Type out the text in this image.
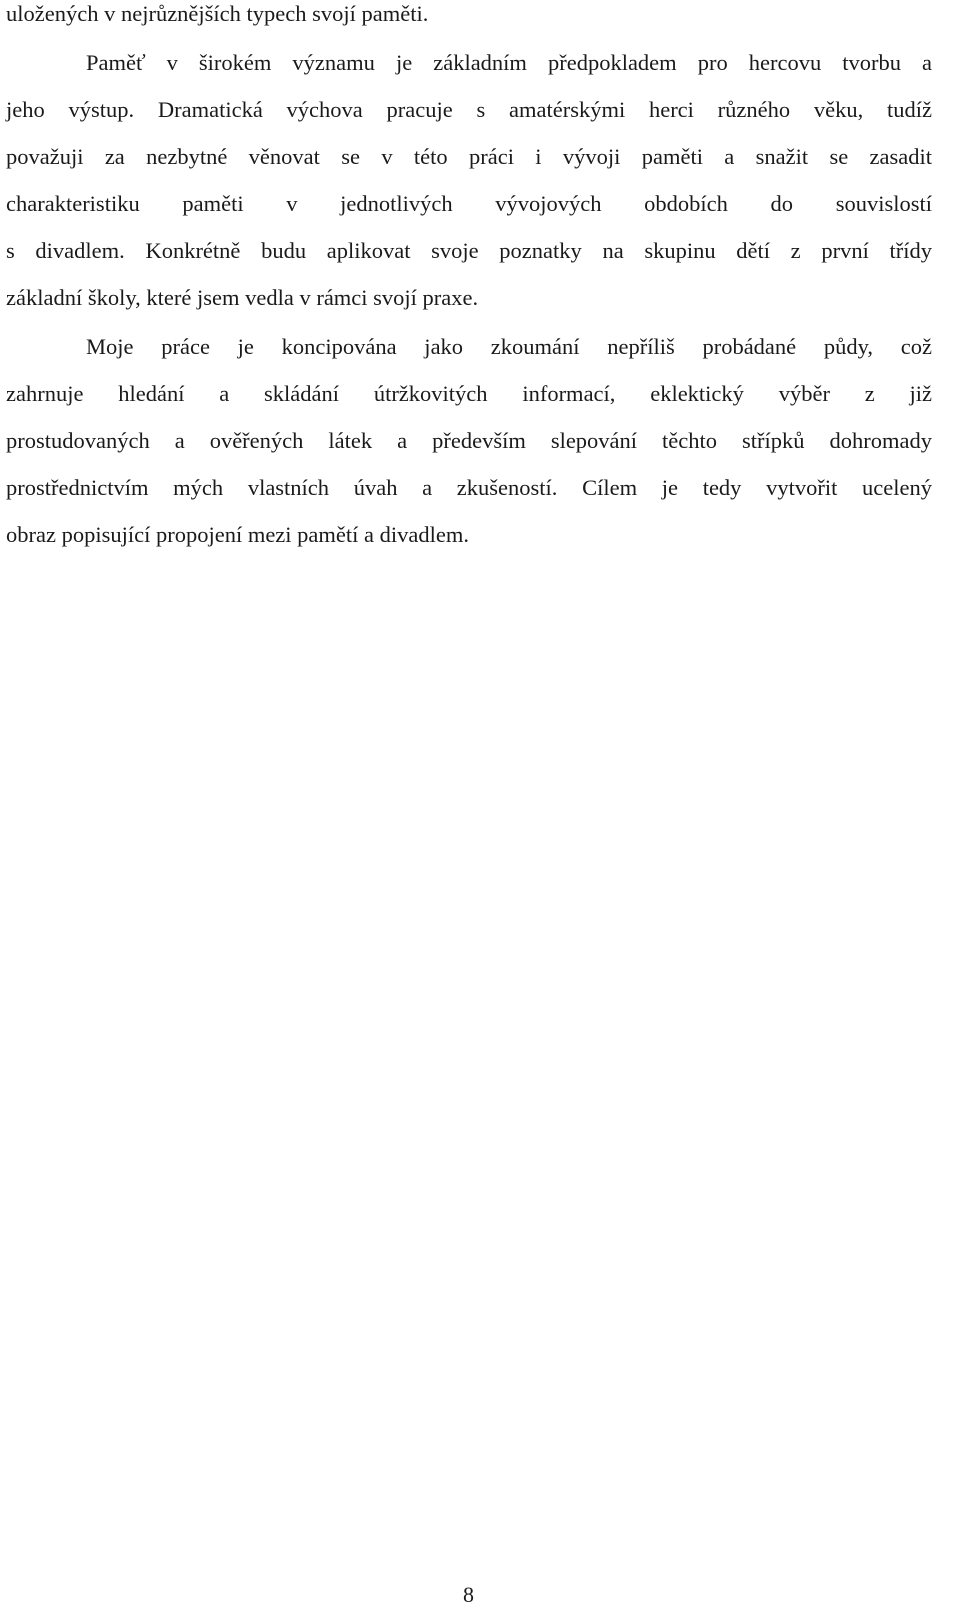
uložených v nejrůznějších typech svojí paměti.
Paměť v širokém významu je základním předpokladem pro hercovu tvorbu a
jeho výstup. Dramatická výchova pracuje s amatérskými herci různého věku, tudíž
považuji za nezbytné věnovat se v této práci i vývoji paměti a snažit se zasadit
charakteristiku paměti v jednotlivých vývojových obdobích do souvislostí
s divadlem. Konkrétně budu aplikovat svoje poznatky na skupinu dětí z první třídy
základní školy, které jsem vedla v rámci svojí praxe.
Moje práce je koncipována jako zkoumání nepříliš probádané půdy, což
zahrnuje hledání a skládání útržkovitých informací, eklektický výběr z již
prostudovaných a ověřených látek a především slepování těchto střípků dohromady
prostřednictvím mých vlastních úvah a zkušeností. Cílem je tedy vytvořit ucelený
obraz popisující propojení mezi pamětí a divadlem.
8
